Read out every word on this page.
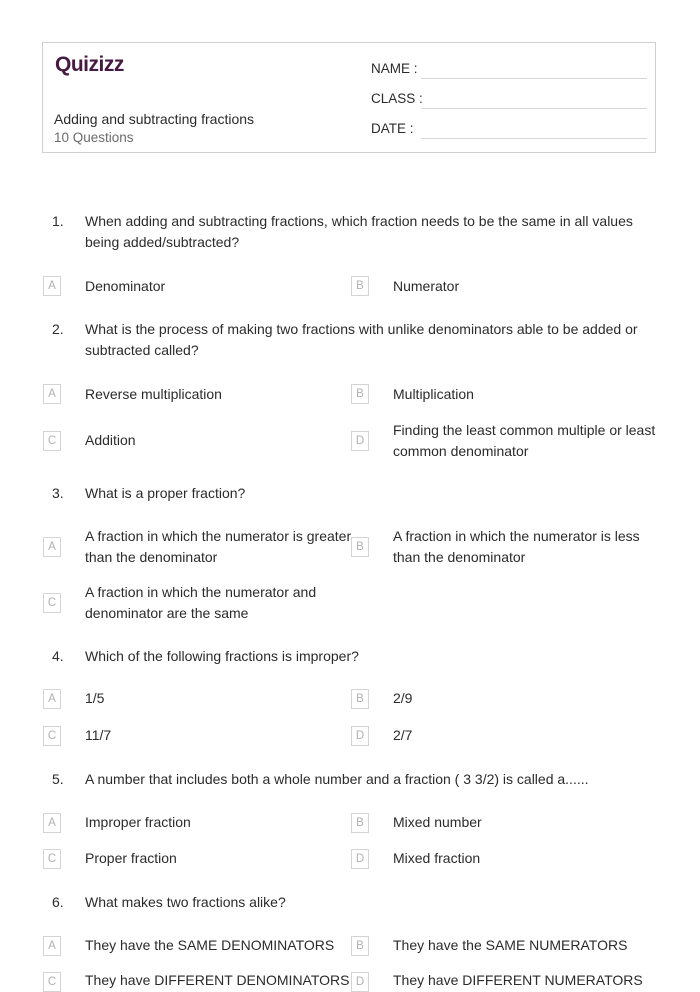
Quizizz
Adding and subtracting fractions
10 Questions
NAME :
CLASS :
DATE :
1.	When adding and subtracting fractions, which fraction needs to be the same in all values being added/subtracted?
A	Denominator	B	Numerator
2.	What is the process of making two fractions with unlike denominators able to be added or subtracted called?
A	Reverse multiplication	B	Multiplication
C	Addition	D
Finding the least common multiple or least common denominator
3.	What is a proper fraction?
A
A fraction in which the numerator is greater than the denominator
B
A fraction in which the numerator is less than the denominator
C
A fraction in which the numerator and denominator are the same
4.	Which of the following fractions is improper?
A	1/5	B	2/9
C	11/7	D	2/7
5.	A number that includes both a whole number and a fraction ( 3 3/2) is called a......
A	Improper fraction	B	Mixed number
C	Proper fraction	D	Mixed fraction
6.	What makes two fractions alike?
A	They have the SAME DENOMINATORS	B	They have the SAME NUMERATORS
C	They have DIFFERENT DENOMINATORS D	They have DIFFERENT NUMERATORS
